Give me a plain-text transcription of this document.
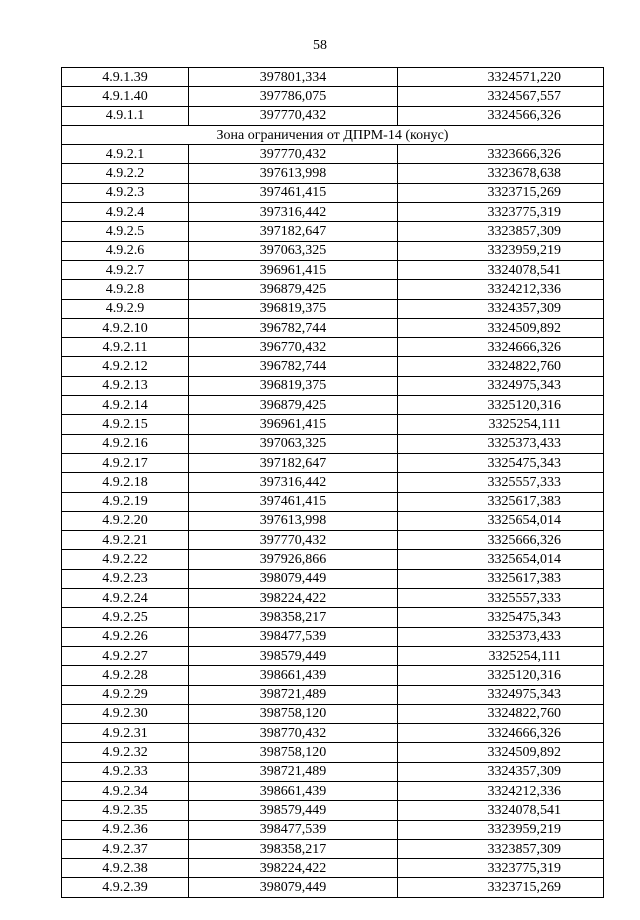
58
4.9.1.39	397801,334	3324571,220
4.9.1.40	397786,075	3324567,557
4.9.1.1	397770,432	3324566,326
Зона ограничения от ДПРМ-14 (конус)		
4.9.2.1	397770,432	3323666,326
4.9.2.2	397613,998	3323678,638
4.9.2.3	397461,415	3323715,269
4.9.2.4	397316,442	3323775,319
4.9.2.5	397182,647	3323857,309
4.9.2.6	397063,325	3323959,219
4.9.2.7	396961,415	3324078,541
4.9.2.8	396879,425	3324212,336
4.9.2.9	396819,375	3324357,309
4.9.2.10	396782,744	3324509,892
4.9.2.11	396770,432	3324666,326
4.9.2.12	396782,744	3324822,760
4.9.2.13	396819,375	3324975,343
4.9.2.14	396879,425	3325120,316
4.9.2.15	396961,415	3325254,111
4.9.2.16	397063,325	3325373,433
4.9.2.17	397182,647	3325475,343
4.9.2.18	397316,442	3325557,333
4.9.2.19	397461,415	3325617,383
4.9.2.20	397613,998	3325654,014
4.9.2.21	397770,432	3325666,326
4.9.2.22	397926,866	3325654,014
4.9.2.23	398079,449	3325617,383
4.9.2.24	398224,422	3325557,333
4.9.2.25	398358,217	3325475,343
4.9.2.26	398477,539	3325373,433
4.9.2.27	398579,449	3325254,111
4.9.2.28	398661,439	3325120,316
4.9.2.29	398721,489	3324975,343
4.9.2.30	398758,120	3324822,760
4.9.2.31	398770,432	3324666,326
4.9.2.32	398758,120	3324509,892
4.9.2.33	398721,489	3324357,309
4.9.2.34	398661,439	3324212,336
4.9.2.35	398579,449	3324078,541
4.9.2.36	398477,539	3323959,219
4.9.2.37	398358,217	3323857,309
4.9.2.38	398224,422	3323775,319
4.9.2.39	398079,449	3323715,269
